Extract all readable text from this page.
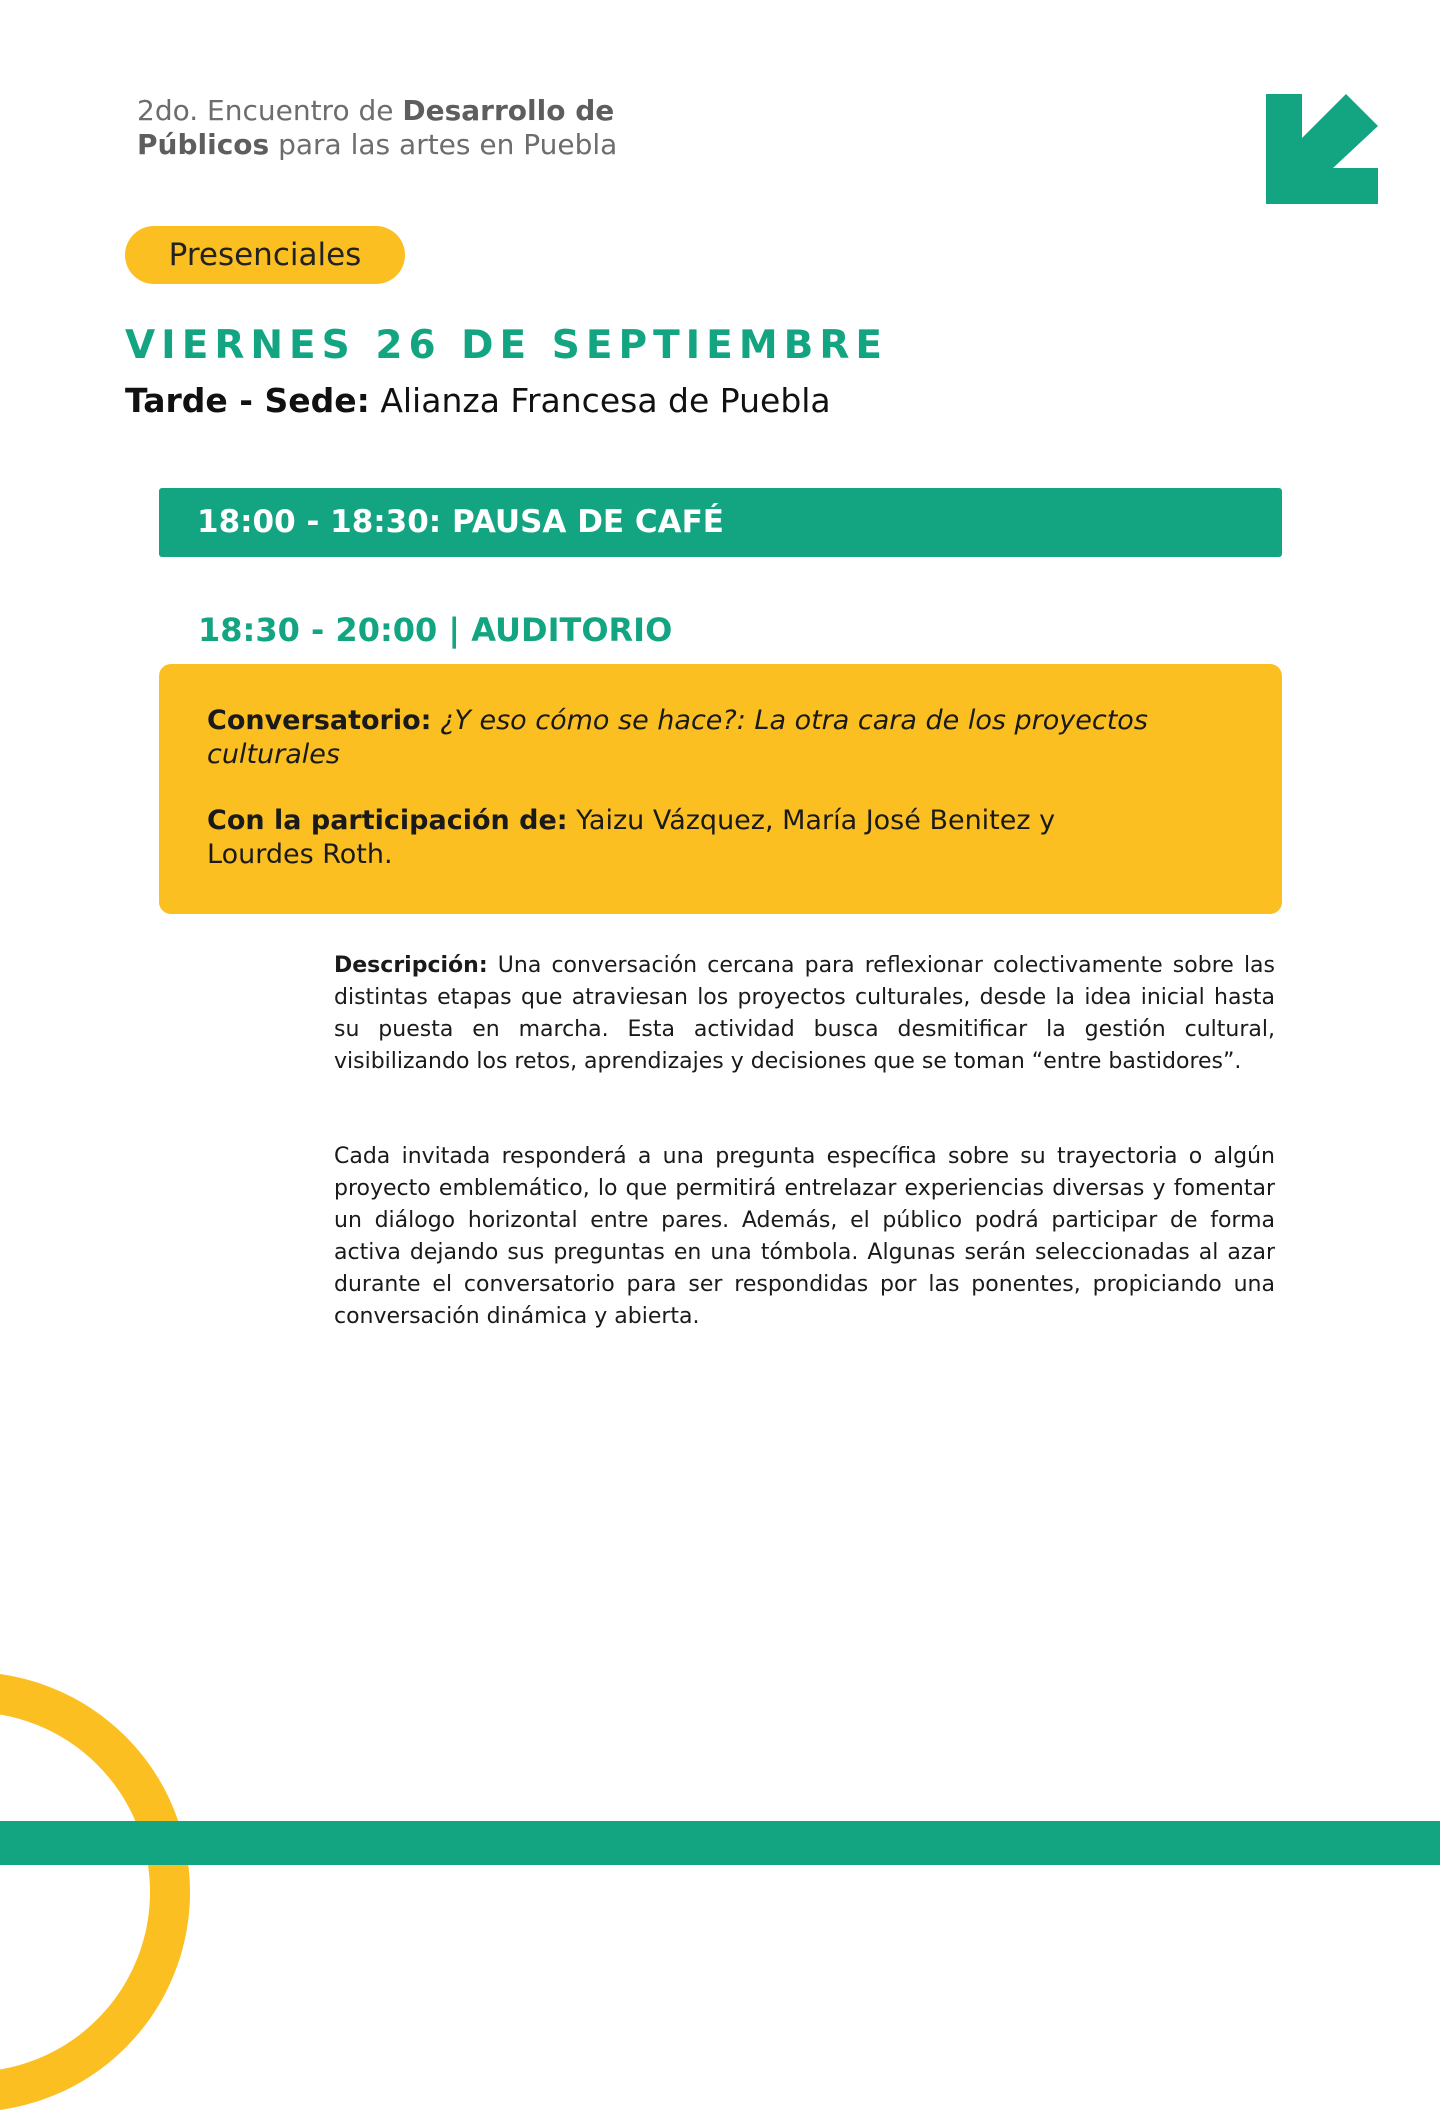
2do. Encuentro de Desarrollo de
Públicos para las artes en Puebla
Presenciales
VIERNES 26 DE SEPTIEMBRE
Tarde - Sede: Alianza Francesa de Puebla
18:00 - 18:30: PAUSA DE CAFÉ
18:30 - 20:00 | AUDITORIO
Conversatorio: ¿Y eso cómo se hace?: La otra cara de los proyectos culturales
Con la participación de: Yaizu Vázquez, María José Benitez y Lourdes Roth.
Descripción: Una conversación cercana para reflexionar colectivamente sobre las distintas etapas que atraviesan los proyectos culturales, desde la idea inicial hasta su puesta en marcha. Esta actividad busca desmitificar la gestión cultural, visibilizando los retos, aprendizajes y decisiones que se toman “entre bastidores”.
Cada invitada responderá a una pregunta específica sobre su trayectoria o algún proyecto emblemático, lo que permitirá entrelazar experiencias diversas y fomentar un diálogo horizontal entre pares. Además, el público podrá participar de forma activa dejando sus preguntas en una tómbola. Algunas serán seleccionadas al azar durante el conversatorio para ser respondidas por las ponentes, propiciando una conversación dinámica y abierta.
